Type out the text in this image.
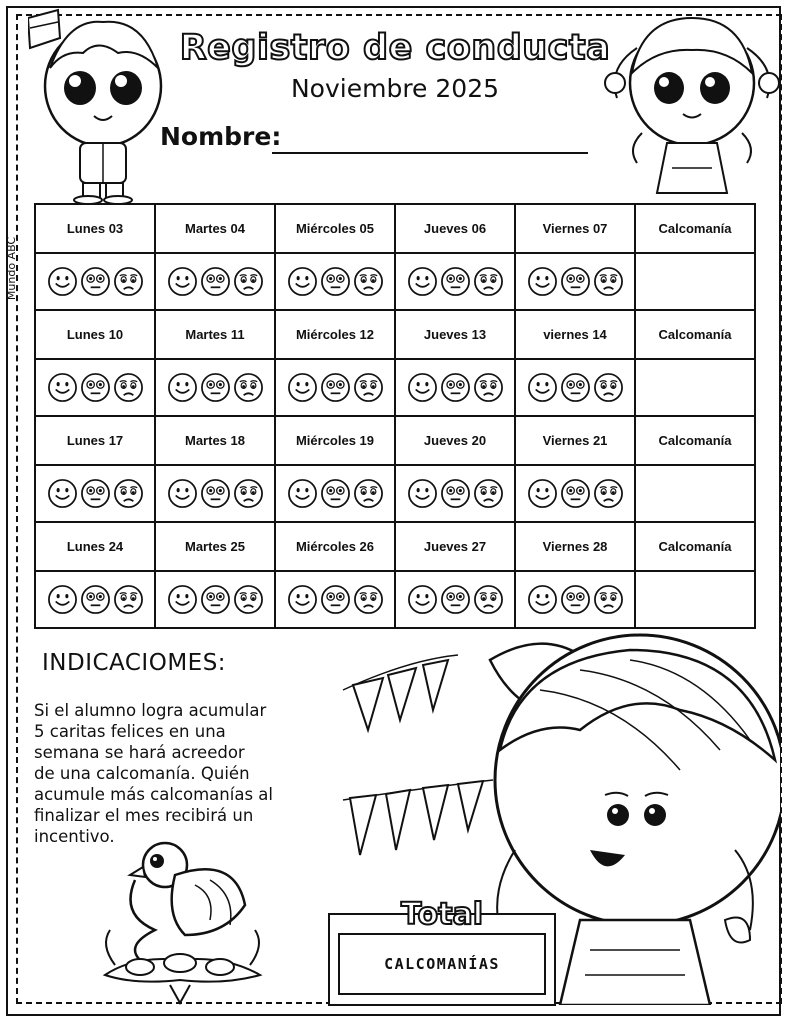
Mundo ABC
Registro de conducta
Noviembre 2025
Nombre:
Lunes 03	Martes 04	Miércoles 05	Jueves 06	Viernes 07	Calcomanía

Lunes 10	Martes 11	Miércoles 12	Jueves 13	viernes 14	Calcomanía

Lunes 17	Martes 18	Miércoles 19	Jueves 20	Viernes 21	Calcomanía

Lunes 24	Martes 25	Miércoles 26	Jueves 27	Viernes 28	Calcomanía

INDICACIOMES:
Si el alumno logra acumular
5 caritas felices en una
semana se hará acreedor
de una calcomanía. Quién
acumule más calcomanías al
finalizar el mes recibirá un
incentivo.
Total
CALCOMANÍAS
